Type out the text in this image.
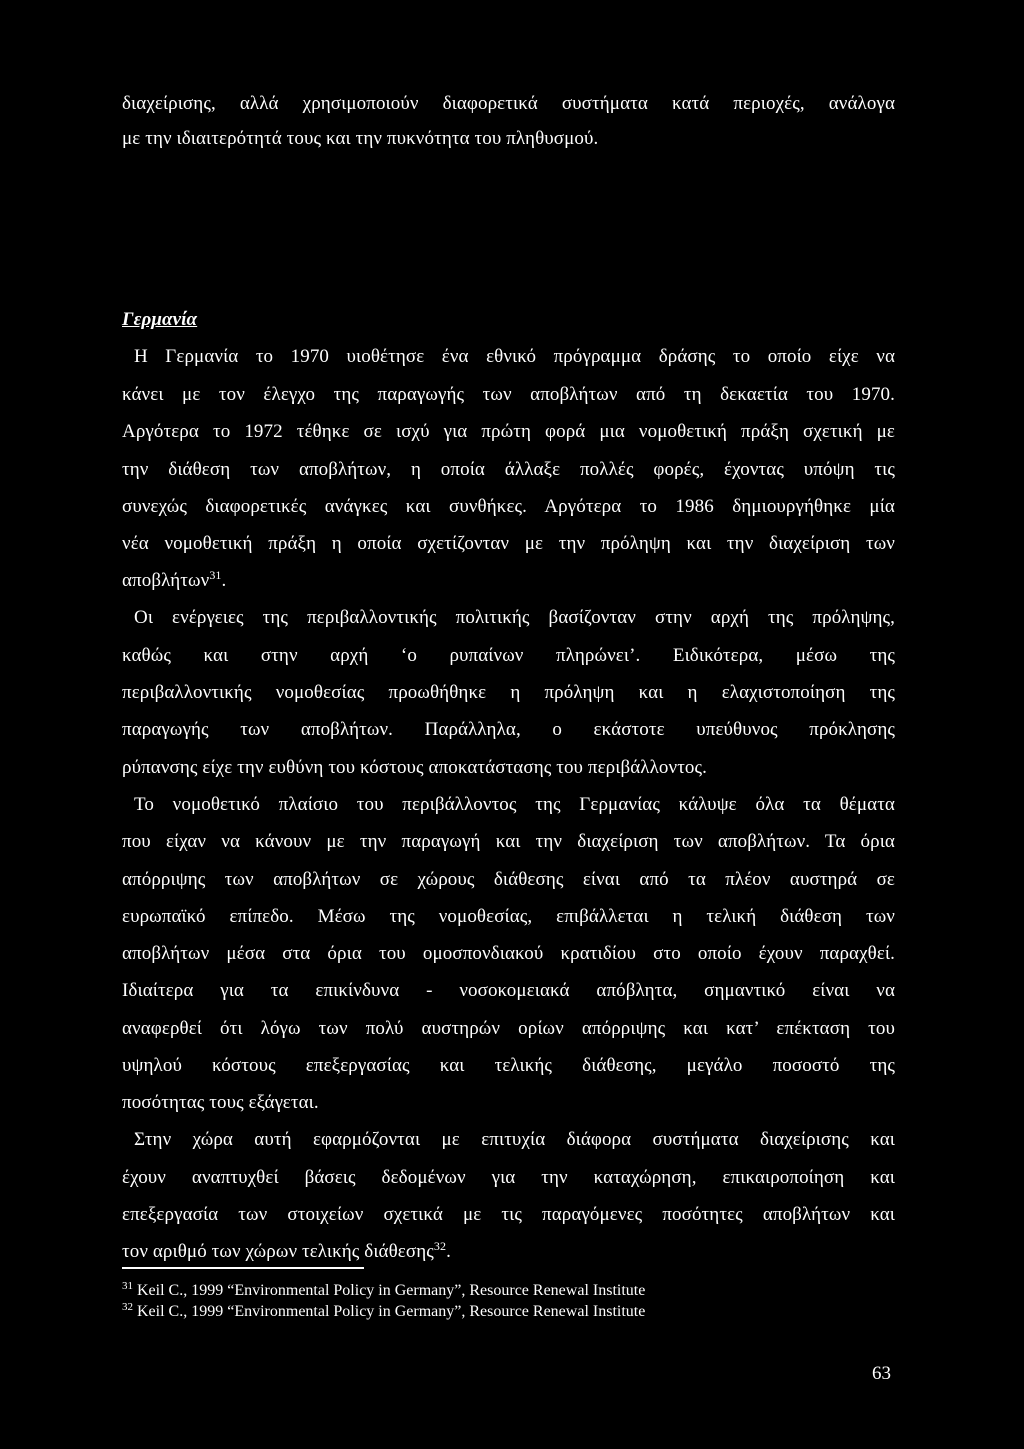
διαχείρισης, αλλά χρησιμοποιούν διαφορετικά συστήματα κατά περιοχές, ανάλογα
με την ιδιαιτερότητά τους και την πυκνότητα του πληθυσμού.
Γερμανία
Η Γερμανία το 1970 υιοθέτησε ένα εθνικό πρόγραμμα δράσης το οποίο είχε να
κάνει με τον έλεγχο της παραγωγής των αποβλήτων από τη δεκαετία του 1970.
Αργότερα το 1972 τέθηκε σε ισχύ για πρώτη φορά μια νομοθετική πράξη σχετική με
την διάθεση των αποβλήτων, η οποία άλλαξε πολλές φορές, έχοντας υπόψη τις
συνεχώς διαφορετικές ανάγκες και συνθήκες. Αργότερα το 1986 δημιουργήθηκε μία
νέα νομοθετική πράξη η οποία σχετίζονταν με την πρόληψη και την διαχείριση των
αποβλήτων$^{31}$.
Οι ενέργειες της περιβαλλοντικής πολιτικής βασίζονταν στην αρχή της πρόληψης,
καθώς και στην αρχή ‘ο ρυπαίνων πληρώνει’. Ειδικότερα, μέσω της
περιβαλλοντικής νομοθεσίας προωθήθηκε η πρόληψη και η ελαχιστοποίηση της
παραγωγής των αποβλήτων. Παράλληλα, ο εκάστοτε υπεύθυνος πρόκλησης
ρύπανσης είχε την ευθύνη του κόστους αποκατάστασης του περιβάλλοντος.
Το νομοθετικό πλαίσιο του περιβάλλοντος της Γερμανίας κάλυψε όλα τα θέματα
που είχαν να κάνουν με την παραγωγή και την διαχείριση των αποβλήτων. Τα όρια
απόρριψης των αποβλήτων σε χώρους διάθεσης είναι από τα πλέον αυστηρά σε
ευρωπαϊκό επίπεδο. Μέσω της νομοθεσίας, επιβάλλεται η τελική διάθεση των
αποβλήτων μέσα στα όρια του ομοσπονδιακού κρατιδίου στο οποίο έχουν παραχθεί.
Ιδιαίτερα για τα επικίνδυνα - νοσοκομειακά απόβλητα, σημαντικό είναι να
αναφερθεί ότι λόγω των πολύ αυστηρών ορίων απόρριψης και κατ’ επέκταση του
υψηλού κόστους επεξεργασίας και τελικής διάθεσης, μεγάλο ποσοστό της
ποσότητας τους εξάγεται.
Στην χώρα αυτή εφαρμόζονται με επιτυχία διάφορα συστήματα διαχείρισης και
έχουν αναπτυχθεί βάσεις δεδομένων για την καταχώρηση, επικαιροποίηση και
επεξεργασία των στοιχείων σχετικά με τις παραγόμενες ποσότητες αποβλήτων και
τον αριθμό των χώρων τελικής διάθεσης$^{32}$.
$^{31}$ Keil C., 1999 “Environmental Policy in Germany”, Resource Renewal Institute
$^{32}$ Keil C., 1999 “Environmental Policy in Germany”, Resource Renewal Institute
63
